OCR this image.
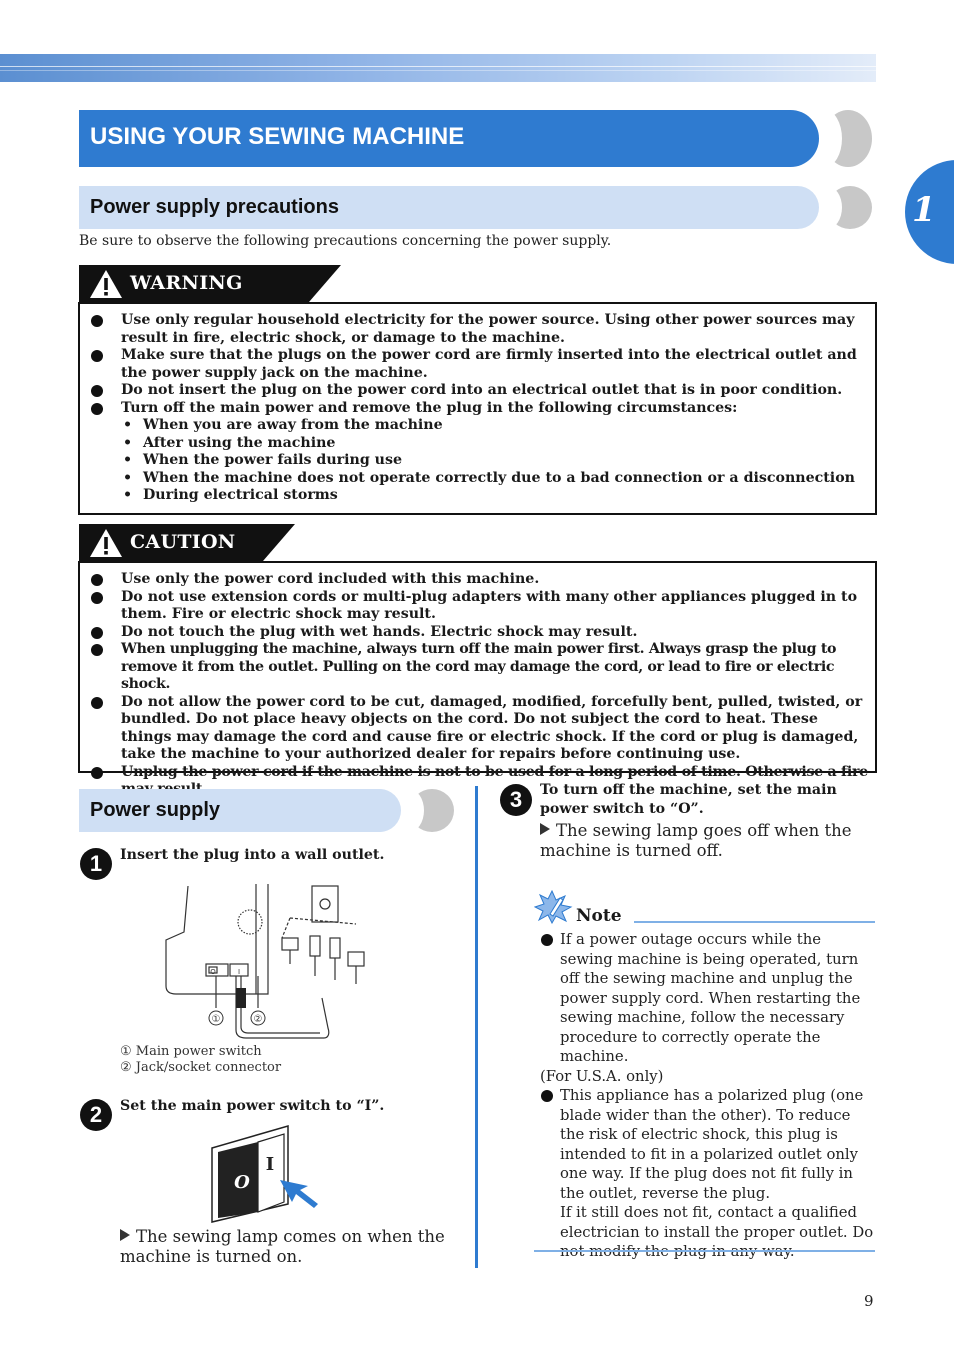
1
USING YOUR SEWING MACHINE
Power supply precautions
Be sure to observe the following precautions concerning the power supply.
WARNING
Use only regular household electricity for the power source. Using other power sources may result in fire, electric shock, or damage to the machine.
Make sure that the plugs on the power cord are firmly inserted into the electrical outlet and the power supply jack on the machine.
Do not insert the plug on the power cord into an electrical outlet that is in poor condition.
Turn off the main power and remove the plug in the following circumstances:
• When you are away from the machine
• After using the machine
• When the power fails during use
• When the machine does not operate correctly due to a bad connection or a disconnection
• During electrical storms
CAUTION
Use only the power cord included with this machine.
Do not use extension cords or multi-plug adapters with many other appliances plugged in to them. Fire or electric shock may result.
Do not touch the plug with wet hands. Electric shock may result.
When unplugging the machine, always turn off the main power first. Always grasp the plug to remove it from the outlet. Pulling on the cord may damage the cord, or lead to fire or electric shock.
Do not allow the power cord to be cut, damaged, modified, forcefully bent, pulled, twisted, or bundled. Do not place heavy objects on the cord. Do not subject the cord to heat. These things may damage the cord and cause fire or electric shock. If the cord or plug is damaged, take the machine to your authorized dealer for repairs before continuing use.
Unplug the power cord if the machine is not to be used for a long period of time. Otherwise a fire
Power supply
1	Insert the plug into a wall outlet.
①	②
O	I
① Main power switch
② Jack/socket connector
2	Set the main power switch to “I”.
O
I
The sewing lamp comes on when the machine is turned on.
3	To turn off the machine, set the main power switch to “O”.
The sewing lamp goes off when the machine is turned off.
Note
If a power outage occurs while the sewing machine is being operated, turn off the sewing machine and unplug the power supply cord. When restarting the sewing machine, follow the necessary procedure to correctly operate the machine.
(For U.S.A. only)
This appliance has a polarized plug (one blade wider than the other). To reduce the risk of electric shock, this plug is intended to fit in a polarized outlet only one way. If the plug does not fit fully in the outlet, reverse the plug.
If it still does not fit, contact a qualified electrician to install the proper outlet. Do
9
